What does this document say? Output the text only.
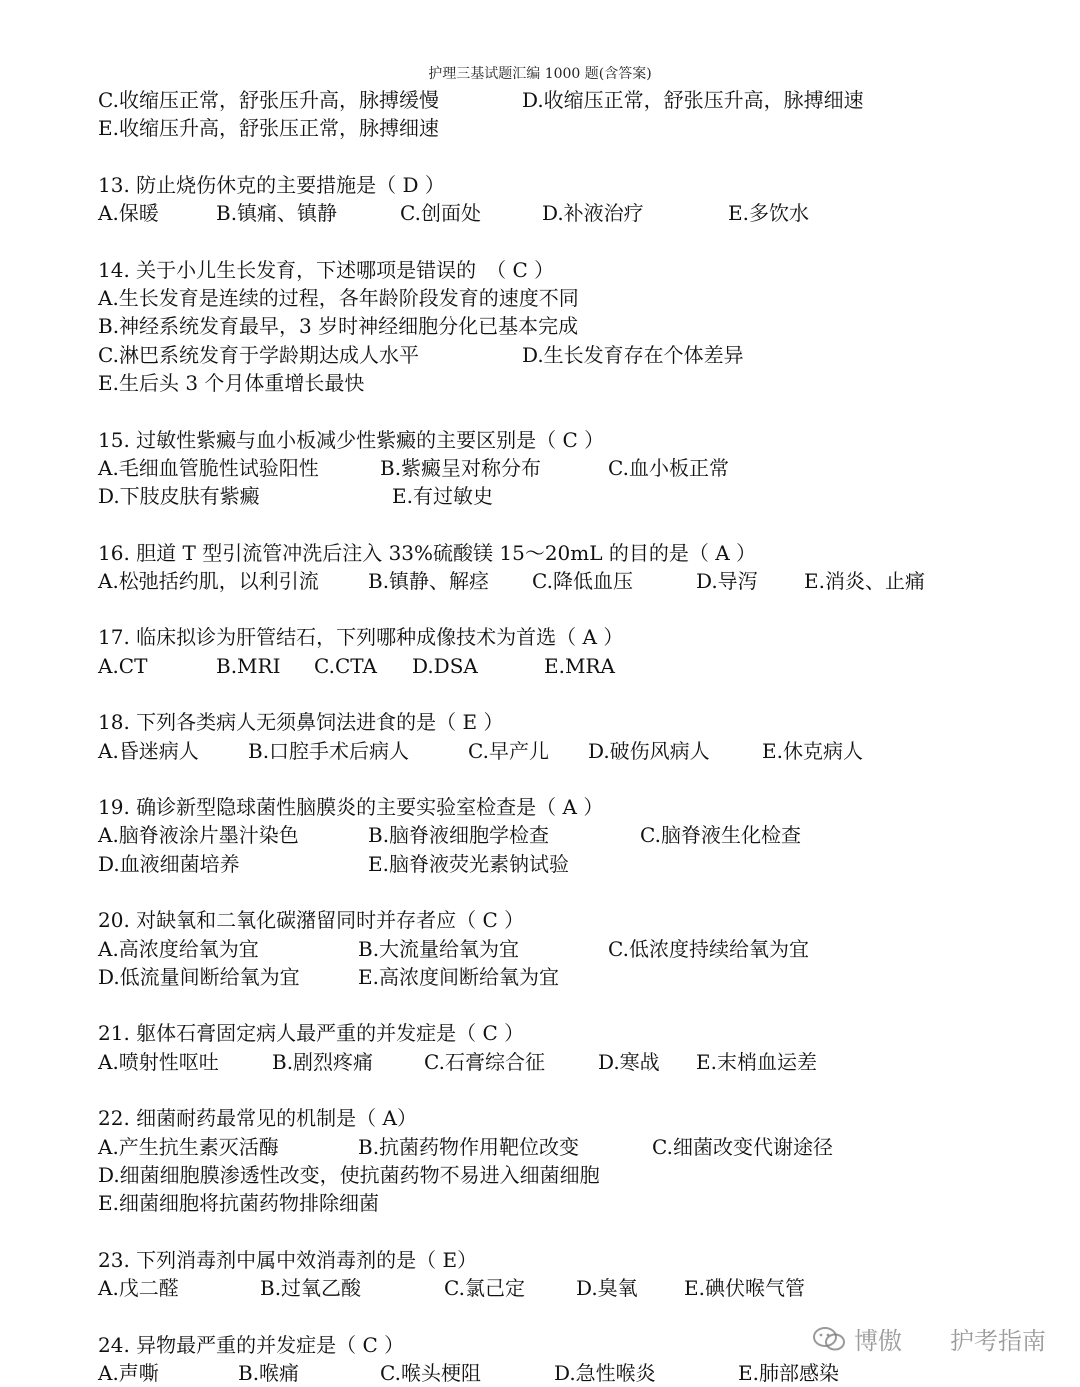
护理三基试题汇编 1000 题(含答案)
C.收缩压正常，舒张压升高，脉搏缓慢	D.收缩压正常，舒张压升高，脉搏细速
E.收缩压升高，舒张压正常，脉搏细速
13. 防止烧伤休克的主要措施是（ D ）
A.保暖	B.镇痛、镇静	C.创面处	D.补液治疗	E.多饮水
14. 关于小儿生长发育，下述哪项是错误的　（ C ）
A.生长发育是连续的过程，各年龄阶段发育的速度不同
B.神经系统发育最早，3 岁时神经细胞分化已基本完成
C.淋巴系统发育于学龄期达成人水平	D.生长发育存在个体差异
E.生后头 3 个月体重增长最快
15. 过敏性紫癜与血小板减少性紫癜的主要区别是（ C ）
A.毛细血管脆性试验阳性	B.紫癜呈对称分布	C.血小板正常
D.下肢皮肤有紫癜	E.有过敏史
16. 胆道 T 型引流管冲洗后注入 33%硫酸镁 15～20mL 的目的是（ A ）
A.松弛括约肌，以利引流 B.镇静、解痉 C.降低血压	D.导泻 E.消炎、止痛
17. 临床拟诊为肝管结石，下列哪种成像技术为首选（ A ）
A.CT	B.MRI C.CTA D.DSA	E.MRA
18. 下列各类病人无须鼻饲法进食的是（ E ）
A.昏迷病人 B.口腔手术后病人	C.早产儿 D.破伤风病人	E.休克病人
19. 确诊新型隐球菌性脑膜炎的主要实验室检查是（ A ）
A.脑脊液涂片墨汁染色	B.脑脊液细胞学检查	C.脑脊液生化检查
D.血液细菌培养	E.脑脊液荧光素钠试验
20. 对缺氧和二氧化碳潴留同时并存者应（ C ）
A.高浓度给氧为宜	B.大流量给氧为宜	C.低浓度持续给氧为宜
D.低流量间断给氧为宜	E.高浓度间断给氧为宜
21. 躯体石膏固定病人最严重的并发症是（ C ）
A.喷射性呕吐	B.剧烈疼痛	C.石膏综合征	D.寒战 E.末梢血运差
22. 细菌耐药最常见的机制是（ A）
A.产生抗生素灭活酶	B.抗菌药物作用靶位改变	C.细菌改变代谢途径
D.细菌细胞膜渗透性改变，使抗菌药物不易进入细菌细胞
E.细菌细胞将抗菌药物排除细菌
23. 下列消毒剂中属中效消毒剂的是（ E）
A.戊二醛	B.过氧乙酸	C.氯己定	D.臭氧 E.碘伏喉气管
24. 异物最严重的并发症是（ C ）
A.声嘶	B.喉痛	C.喉头梗阻	D.急性喉炎	E.肺部感染
博傲　　护考指南
